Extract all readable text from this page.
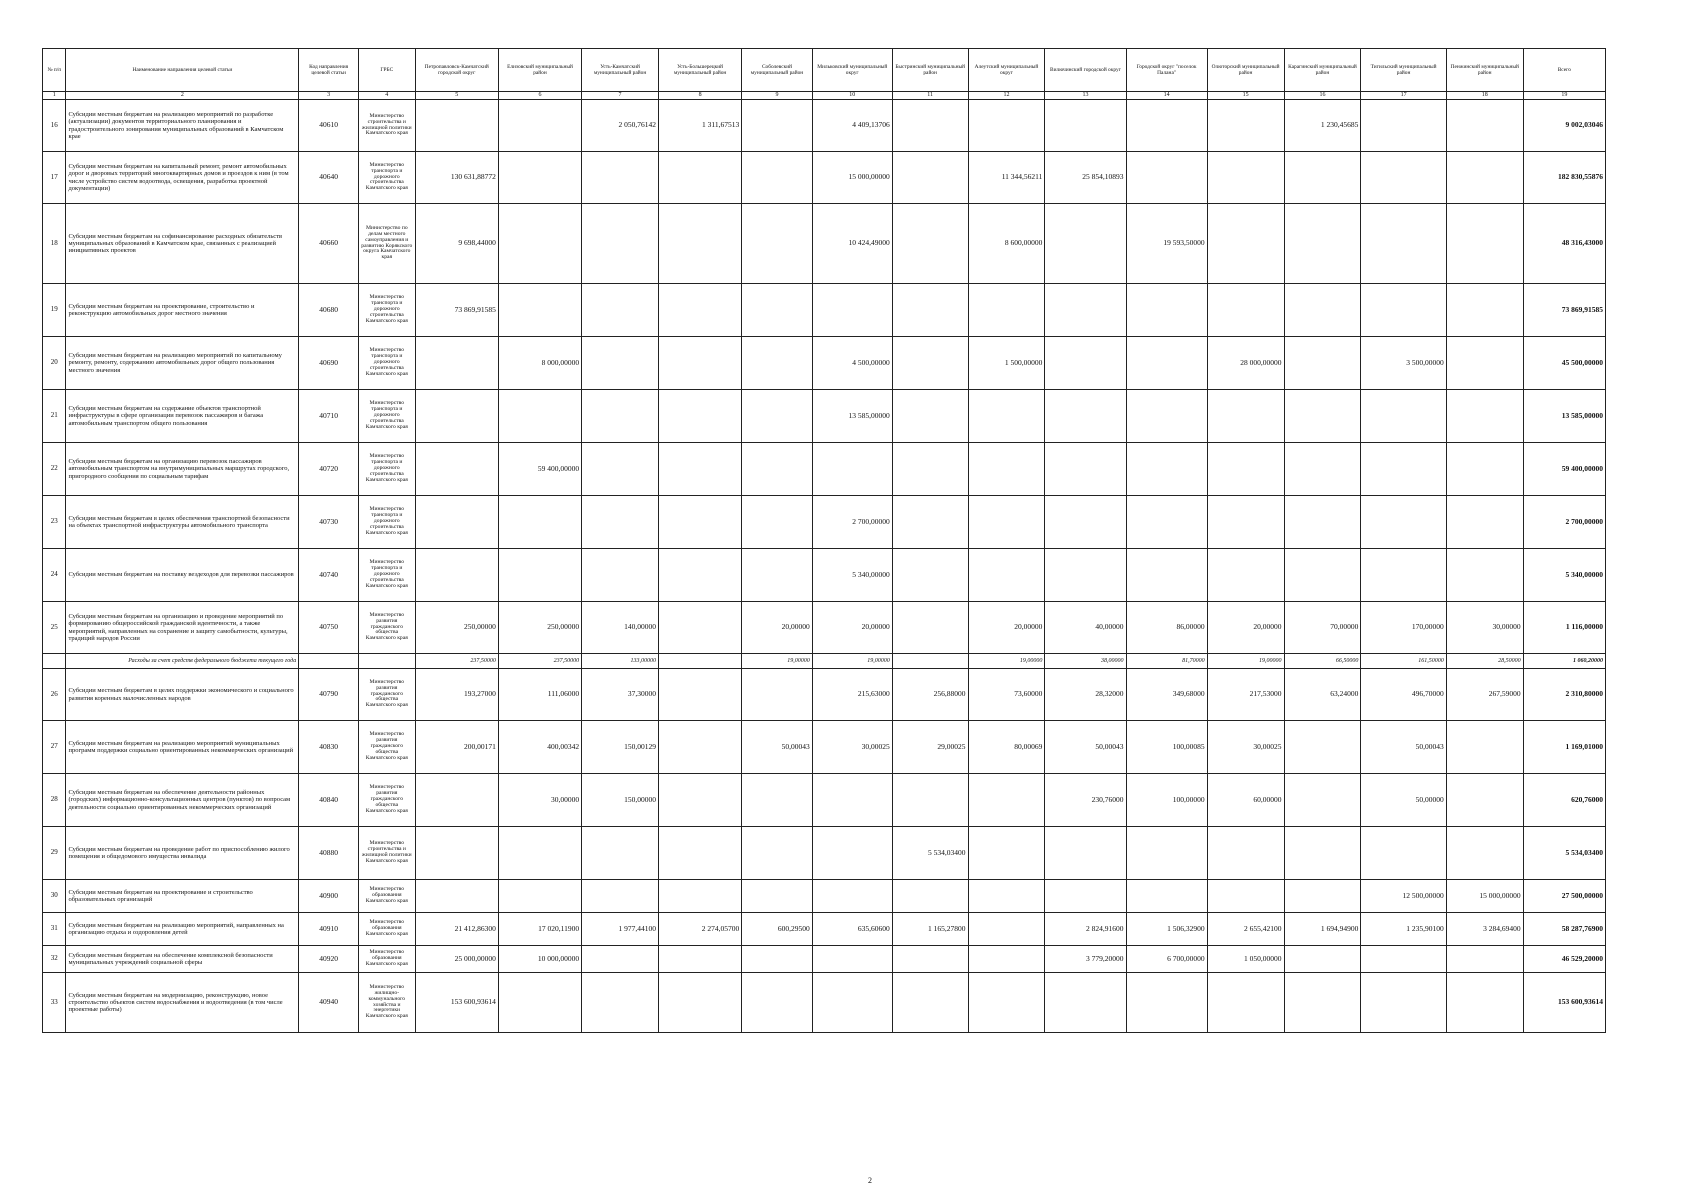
№ п/п	Наименование направления целевой статьи	Код направления целевой статьи	ГРБС	Петропавловск-Камчатский городской округ	Елизовский муниципальный район	Усть-Камчатский муниципальный район	Усть-Большерецкий муниципальный район	Соболевский муниципальный район	Мильковский муниципальный округ	Быстринский муниципальный район	Алеутский муниципальный округ	Вилючинский городской округ	Городской округ "поселок Палана"	Олюторский муниципальный район	Карагинский муниципальный район	Тигильский муниципальный район	Пенжинский муниципальный район	Всего
1	2	3	4	5	6	7	8	9	10	11	12	13	14	15	16	17	18	19
16	Субсидии местным бюджетам на реализацию мероприятий по разработке (актуализации) документов территориального планирования и градостроительного зонирования муниципальных образований в Камчатском крае	40610	Министерство строительства и жилищной политики Камчатского края			2 050,76142	1 311,67513		4 409,13706						1 230,45685			9 002,03046
17	Субсидии местным бюджетам на капитальный ремонт, ремонт автомобильных дорог и дворовых территорий многоквартирных домов и проездов к ним (в том числе устройство систем водоотвода, освещения, разработка проектной документации)	40640	Министерство транспорта и дорожного строительства Камчатского края	130 631,88772					15 000,00000		11 344,56211	25 854,10893						182 830,55876
18	Субсидии местным бюджетам на софинансирование расходных обязательств муниципальных образований в Камчатском крае, связанных с реализацией инициативных проектов	40660	Министерство по делам местного самоуправления и развитию Корякского округа Камчатского края	9 698,44000					10 424,49000		8 600,00000		19 593,50000					48 316,43000
19	Субсидии местным бюджетам на проектирование, строительство и реконструкцию автомобильных дорог местного значения	40680	Министерство транспорта и дорожного строительства Камчатского края	73 869,91585														73 869,91585
20	Субсидии местным бюджетам на реализацию мероприятий по капитальному ремонту, ремонту, содержанию автомобильных дорог общего пользования местного значения	40690	Министерство транспорта и дорожного строительства Камчатского края		8 000,00000				4 500,00000		1 500,00000			28 000,00000		3 500,00000		45 500,00000
21	Субсидии местным бюджетам на содержание объектов транспортной инфраструктуры в сфере организации перевозок пассажиров и багажа автомобильным транспортом общего пользования	40710	Министерство транспорта и дорожного строительства Камчатского края						13 585,00000									13 585,00000
22	Субсидии местным бюджетам на организацию перевозок пассажиров автомобильным транспортом на внутримуниципальных маршрутах городского, пригородного сообщения по социальным тарифам	40720	Министерство транспорта и дорожного строительства Камчатского края		59 400,00000													59 400,00000
23	Субсидии местным бюджетам в целях обеспечения транспортной безопасности на объектах транспортной инфраструктуры автомобильного транспорта	40730	Министерство транспорта и дорожного строительства Камчатского края						2 700,00000									2 700,00000
24	Субсидии местным бюджетам на поставку вездеходов для перевозки пассажиров	40740	Министерство транспорта и дорожного строительства Камчатского края						5 340,00000									5 340,00000
25	Субсидии местным бюджетам на организацию и проведение мероприятий по формированию общероссийской гражданской идентичности, а также мероприятий, направленных на сохранение и защиту самобытности, культуры, традиций народов России	40750	Министерство развития гражданского общества Камчатского края	250,00000	250,00000	140,00000		20,00000	20,00000		20,00000	40,00000	86,00000	20,00000	70,00000	170,00000	30,00000	1 116,00000
	Расходы за счет средств федерального бюджета текущего года			237,50000	237,50000	133,00000		19,00000	19,00000		19,00000	38,00000	81,70000	19,00000	66,50000	161,50000	28,50000	1 060,20000
26	Субсидии местным бюджетам в целях поддержки экономического и социального развития коренных малочисленных народов	40790	Министерство развития гражданского общества Камчатского края	193,27000	111,06000	37,30000			215,63000	256,88000	73,60000	28,32000	349,68000	217,53000	63,24000	496,70000	267,59000	2 310,80000
27	Субсидии местным бюджетам на реализацию мероприятий муниципальных программ поддержки социально ориентированных некоммерческих организаций	40830	Министерство развития гражданского общества Камчатского края	200,00171	400,00342	150,00129		50,00043	30,00025	29,00025	80,00069	50,00043	100,00085	30,00025		50,00043		1 169,01000
28	Субсидии местным бюджетам на обеспечение деятельности районных (городских) информационно-консультационных центров (пунктов) по вопросам деятельности социально ориентированных некоммерческих организаций	40840	Министерство развития гражданского общества Камчатского края		30,00000	150,00000						230,76000	100,00000	60,00000		50,00000		620,76000
29	Субсидии местным бюджетам на проведение работ по приспособлению жилого помещения и общедомового имущества инвалида	40880	Министерство строительства и жилищной политики Камчатского края							5 534,03400								5 534,03400
30	Субсидии местным бюджетам на проектирование и строительство образовательных организаций	40900	Министерство образования Камчатского края													12 500,00000	15 000,00000	27 500,00000
31	Субсидии местным бюджетам на реализацию мероприятий, направленных на организацию отдыха и оздоровления детей	40910	Министерство образования Камчатского края	21 412,86300	17 020,11900	1 977,44100	2 274,05700	600,29500	635,60600	1 165,27800		2 824,91600	1 506,32900	2 655,42100	1 694,94900	1 235,90100	3 284,69400	58 287,76900
32	Субсидии местным бюджетам на обеспечение комплексной безопасности муниципальных учреждений социальной сферы	40920	Министерство образования Камчатского края	25 000,00000	10 000,00000							3 779,20000	6 700,00000	1 050,00000				46 529,20000
33	Субсидии местным бюджетам на модернизацию, реконструкцию, новое строительство объектов систем водоснабжения и водоотведения (в том числе проектные работы)	40940	Министерство жилищно-коммунального хозяйства и энергетики Камчатского края	153 600,93614														153 600,93614
2
